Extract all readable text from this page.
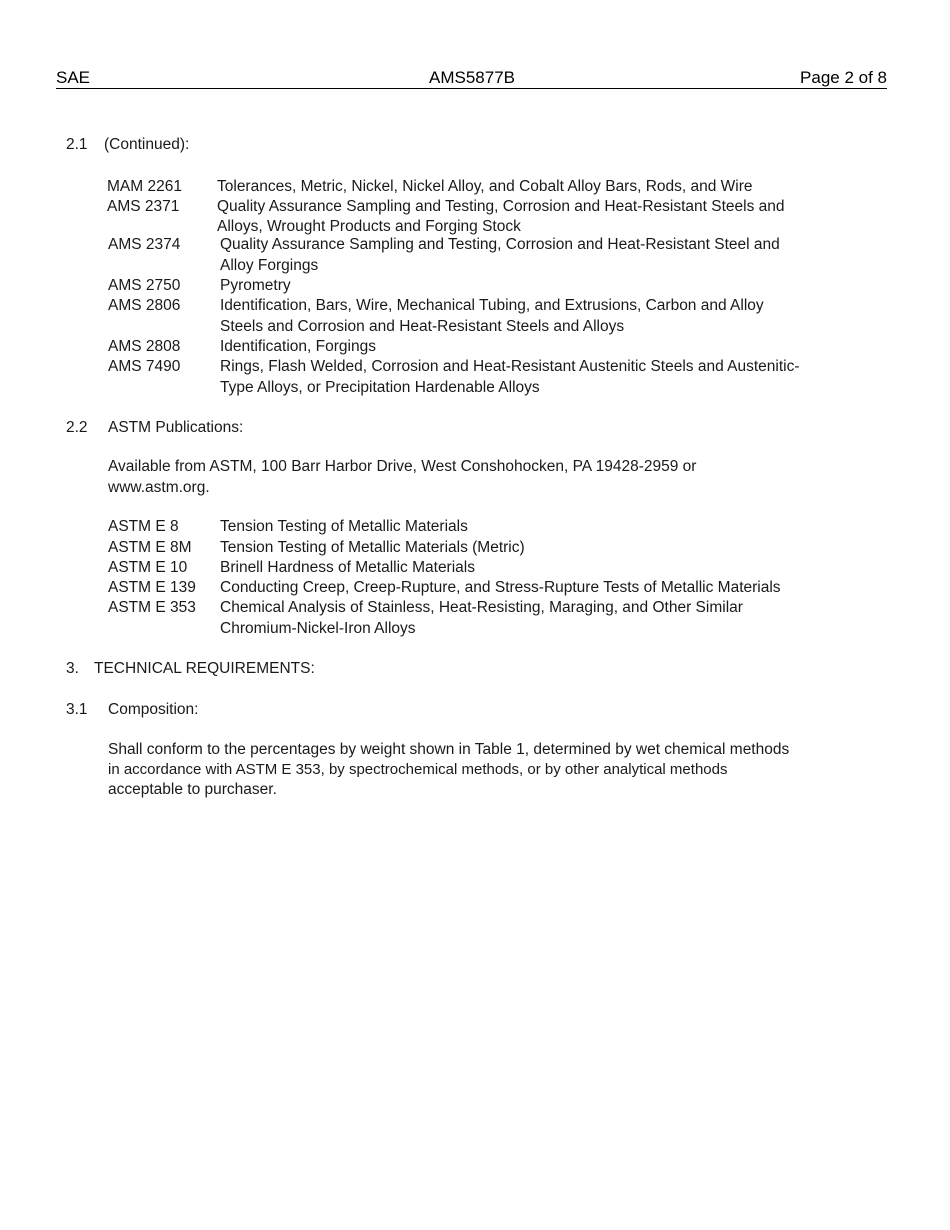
SAE	AMS5877B	Page 2 of 8
2.1 (Continued):
MAM 2261 Tolerances, Metric, Nickel, Nickel Alloy, and Cobalt Alloy Bars, Rods, and Wire
AMS 2371 Quality Assurance Sampling and Testing, Corrosion and Heat-Resistant Steels and
Alloys, Wrought Products and Forging Stock
AMS 2374	Quality Assurance Sampling and Testing, Corrosion and Heat-Resistant Steel and
Alloy Forgings
AMS 2750	Pyrometry
AMS 2806	Identification, Bars, Wire, Mechanical Tubing, and Extrusions, Carbon and Alloy
Steels and Corrosion and Heat-Resistant Steels and Alloys
AMS 2808	Identification, Forgings
AMS 7490	Rings, Flash Welded, Corrosion and Heat-Resistant Austenitic Steels and Austenitic-
Type Alloys, or Precipitation Hardenable Alloys
2.2 ASTM Publications:
Available from ASTM, 100 Barr Harbor Drive, West Conshohocken, PA 19428-2959 or
www.astm.org.
ASTM E 8	Tension Testing of Metallic Materials
ASTM E 8M Tension Testing of Metallic Materials (Metric)
ASTM E 10 Brinell Hardness of Metallic Materials
ASTM E 139 Conducting Creep, Creep-Rupture, and Stress-Rupture Tests of Metallic Materials
ASTM E 353 Chemical Analysis of Stainless, Heat-Resisting, Maraging, and Other Similar
Chromium-Nickel-Iron Alloys
3. TECHNICAL REQUIREMENTS:
3.1 Composition:
Shall conform to the percentages by weight shown in Table 1, determined by wet chemical methods
in accordance with ASTM E 353, by spectrochemical methods, or by other analytical methods
acceptable to purchaser.
